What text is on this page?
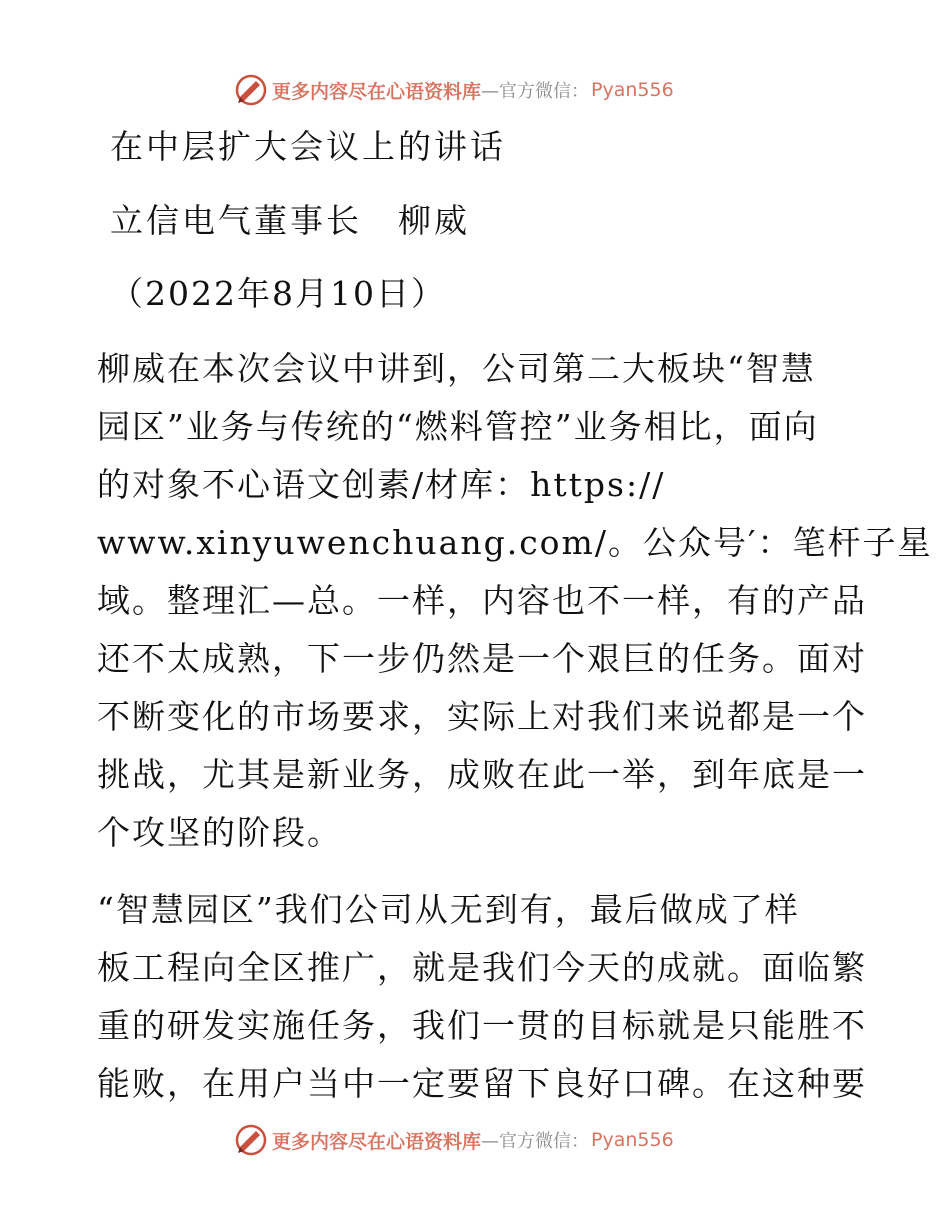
更多内容尽在心语资料库 —官方微信： Pyan556
在中层扩大会议上的讲话
立信电气董事长　柳威
（2022年8月10日）
柳威在本次会议中讲到，公司第二大板块“智慧
园区”业务与传统的“燃料管控”业务相比，面向
的对象不心语文创素/材库：https://
www.xinyuwenchuang.com/。公众号′：笔杆子星
域。整理汇—总。一样，内容也不一样，有的产品
还不太成熟，下一步仍然是一个艰巨的任务。面对
不断变化的市场要求，实际上对我们来说都是一个
挑战，尤其是新业务，成败在此一举，到年底是一
个攻坚的阶段。
“智慧园区”我们公司从无到有，最后做成了样
板工程向全区推广，就是我们今天的成就。面临繁
重的研发实施任务，我们一贯的目标就是只能胜不
能败，在用户当中一定要留下良好口碑。在这种要
更多内容尽在心语资料库 —官方微信： Pyan556
